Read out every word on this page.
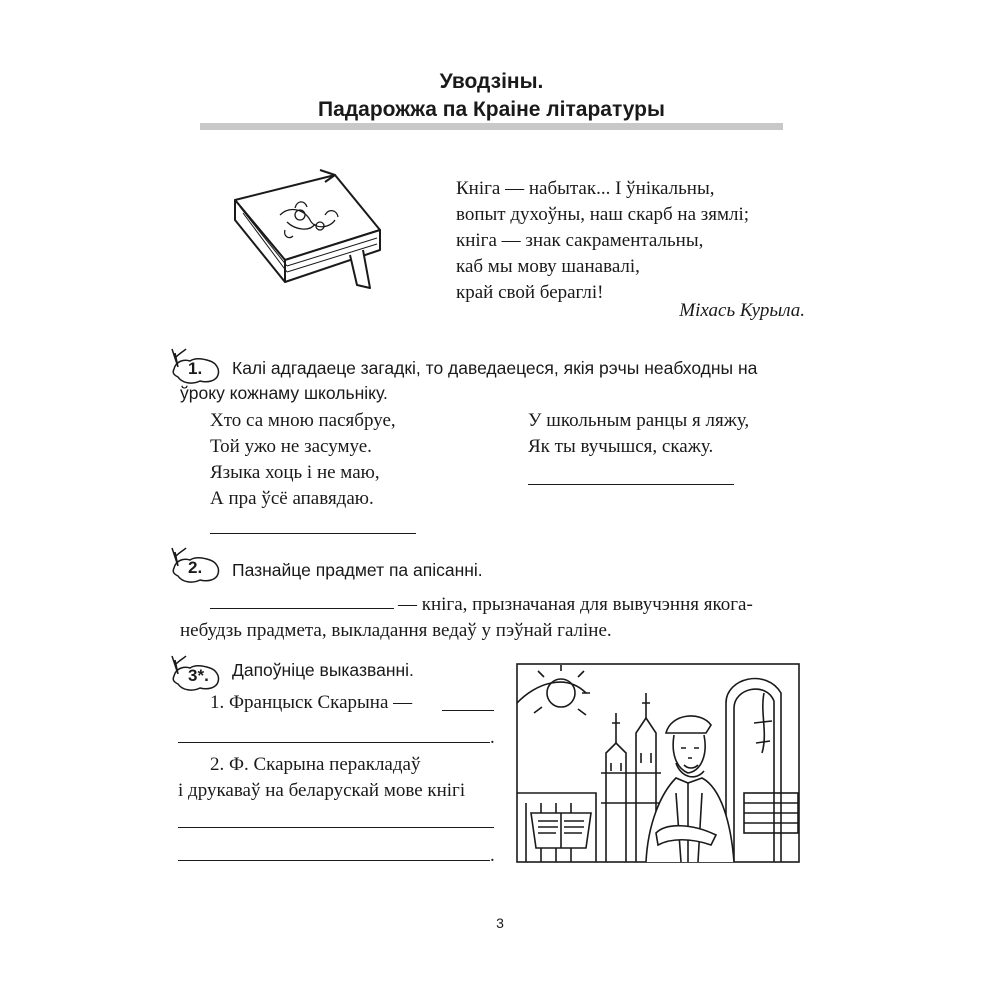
Уводзіны.
Падарожжа па Краіне літаратуры
Кніга — набытак... І ўнікальны,
вопыт духоўны, наш скарб на зямлі;
кніга — знак сакраментальны,
каб мы мову шанавалі,
край свой бераглі!
Міхась Курыла.
1. Калі адгадаеце загадкі, то даведаецеся, якія рэчы неабходны на
ўроку кожнаму школьніку.
Хто са мною пасябруе,
Той ужо не засумуе.
Языка хоць і не маю,
А пра ўсё апавядаю.
У школьным ранцы я ляжу,
Як ты вучышся, скажу.
2. Пазнайце прадмет па апісанні.
— кніга, прызначаная для вывучэння якога-
небудзь прадмета, выкладання ведаў у пэўнай галіне.
3*. Дапоўніце выказванні.
1. Францыск Скарына —
.
2. Ф. Скарына перакладаў
і друкаваў на беларускай мове кнігі
.
3
